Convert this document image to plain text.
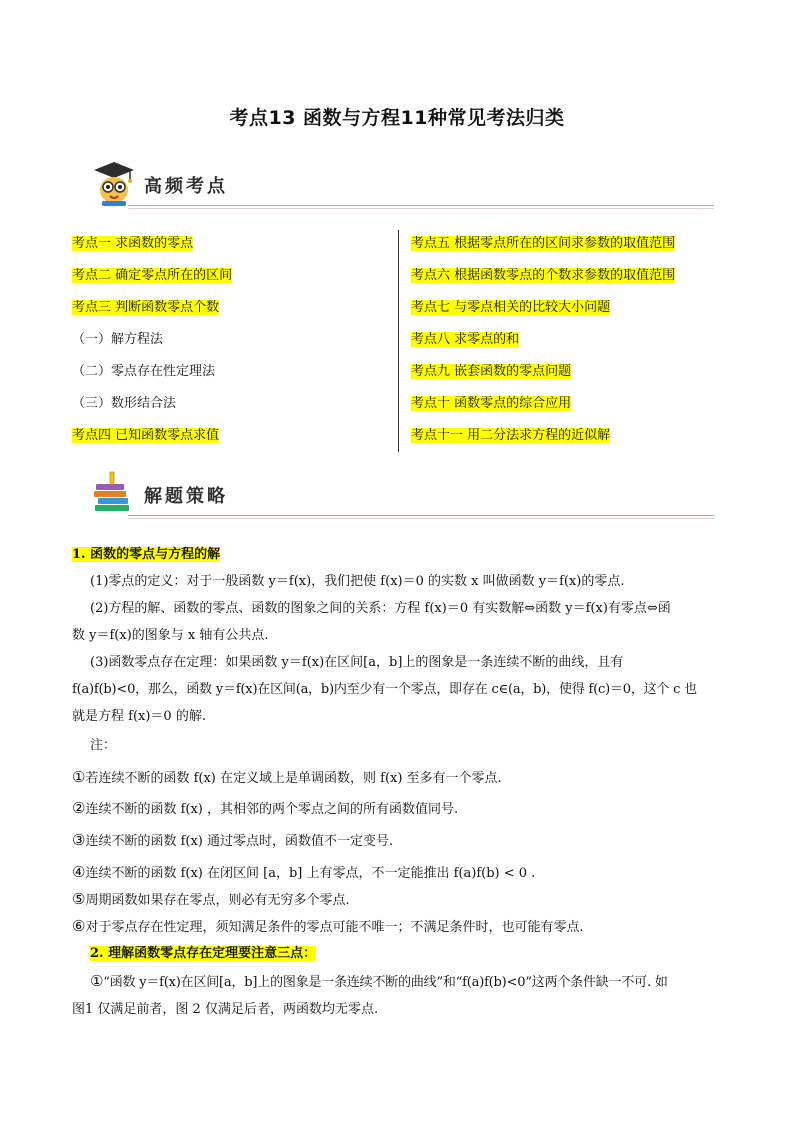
考点13 函数与方程11种常见考法归类
高频考点
考点一 求函数的零点
考点二 确定零点所在的区间
考点三 判断函数零点个数
（一）解方程法
（二）零点存在性定理法
（三）数形结合法
考点四 已知函数零点求值
考点五 根据零点所在的区间求参数的取值范围
考点六 根据函数零点的个数求参数的取值范围
考点七 与零点相关的比较大小问题
考点八 求零点的和
考点九 嵌套函数的零点问题
考点十 函数零点的综合应用
考点十一 用二分法求方程的近似解
解题策略
1. 函数的零点与方程的解
(1)零点的定义：对于一般函数 y＝f(x)，我们把使 f(x)＝0 的实数 x 叫做函数 y＝f(x)的零点.
(2)方程的解、函数的零点、函数的图象之间的关系：方程 f(x)＝0 有实数解⇔函数 y＝f(x)有零点⇔函
数 y＝f(x)的图象与 x 轴有公共点.
(3)函数零点存在定理：如果函数 y＝f(x)在区间[a，b]上的图象是一条连续不断的曲线，且有
f(a)f(b)<0，那么，函数 y＝f(x)在区间(a，b)内至少有一个零点，即存在 c∈(a，b)，使得 f(c)＝0，这个 c 也
就是方程 f(x)＝0 的解.
注：
①若连续不断的函数 f(x) 在定义域上是单调函数，则 f(x) 至多有一个零点.
②连续不断的函数 f(x) ，其相邻的两个零点之间的所有函数值同号.
③连续不断的函数 f(x) 通过零点时，函数值不一定变号.
④连续不断的函数 f(x) 在闭区间 [a，b] 上有零点，不一定能推出 f(a)f(b) < 0 .
⑤周期函数如果存在零点，则必有无穷多个零点.
⑥对于零点存在性定理，须知满足条件的零点可能不唯一；不满足条件时，也可能有零点.
2. 理解函数零点存在定理要注意三点：
①“函数 y＝f(x)在区间[a，b]上的图象是一条连续不断的曲线”和“f(a)f(b)<0”这两个条件缺一不可. 如
图1 仅满足前者，图 2 仅满足后者，两函数均无零点.
